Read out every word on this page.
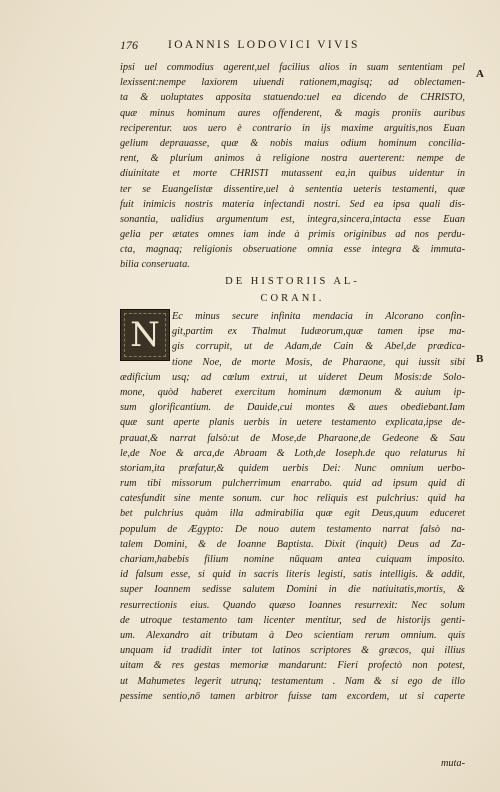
176	IOANNIS LODOVICI VIVIS
A
B
ipsi uel commodius agerent,uel facilius alios in suam sententiam pel
lexissent:nempe laxiorem uiuendi rationem,magisq; ad oblectamen-
ta & uoluptates apposita statuendo:uel ea dicendo de CHRISTO,
quæ minus hominum aures offenderent, & magis proniis auribus
reciperentur. uos uero è contrario in ijs maxime arguitis,nos Euan
gelium deprauasse, quæ & nobis maius odium hominum concilia-
rent, & plurium animos à religione nostra auerterent: nempe de
diuinitate et morte CHRISTI mutassent ea,in quibus uidentur in
ter se Euangelistæ dissentire,uel à sententia ueteris testamenti, quæ
fuit inimicis nostris materia infectandi nostri. Sed ea ipsa quali dis-
sonantia, ualidius argumentum est, integra,sincera,intacta esse Euan
gelia per ætates omnes iam inde à primis originibus ad nos perdu-
cta, magnaq; religionis obseruatione omnia esse integra & immuta-
bilia conseruata.
DE HISTORIIS AL-
CORANI.
N	Ec minus secure infinita mendacia in Alcorano confin-
git,partim ex Thalmut Iudæorum,quæ tamen ipse ma-
gis corrupit, ut de Adam,de Cain & Abel,de prædica-
tione Noe, de morte Mosis, de Pharaone, qui iussit sibi
ædificium usq; ad cœlum extrui, ut uideret Deum Mosis:de Solo-
mone, quòd haberet exercitum hominum dæmonum & auium ip-
sum glorificantium. de Dauide,cui montes & aues obediebant.Iam
quæ sunt aperte planis uerbis in uetere testamento explicata,ipse de-
prauat,& narrat falsò:ut de Mose,de Pharaone,de Gedeone & Sau
le,de Noe & arca,de Abraam & Loth,de Ioseph.de quo relaturus hi
storiam,ita præfatur,& quidem uerbis Dei: Nunc omnium uerbo-
rum tibi missorum pulcherrimum enarrabo. quid ad ipsum quid di
catesfundit sine mente sonum. cur hoc reliquis est pulchrius: quid ha
bet pulchrius quàm illa admirabilia quæ egit Deus,quum educeret
populum de Ægypto: De nouo autem testamento narrat falsò na-
talem Domini, & de Ioanne Baptista. Dixit (inquit) Deus ad Za-
chariam,habebis filium nomine nūquam antea cuiquam imposito.
id falsum esse, si quid in sacris literis legisti, satis intelligis. & addit,
super Ioannem sedisse salutem Domini in die natiuitatis,mortis, &
resurrectionis eius. Quando quæso Ioannes resurrexit: Nec solum
de utroque testamento tam licenter mentitur, sed de historijs genti-
um. Alexandro ait tributam à Deo scientiam rerum omnium. quis
unquam id tradidit inter tot latinos scriptores & græcos, qui illius
uitam & res gestas memoriæ mandarunt: Fieri profectò non potest,
ut Mahumetes legerit utrunq; testamentum . Nam & si ego de illo
pessime sentio,nō tamen arbitror fuisse tam excordem, ut si caperte
muta-
